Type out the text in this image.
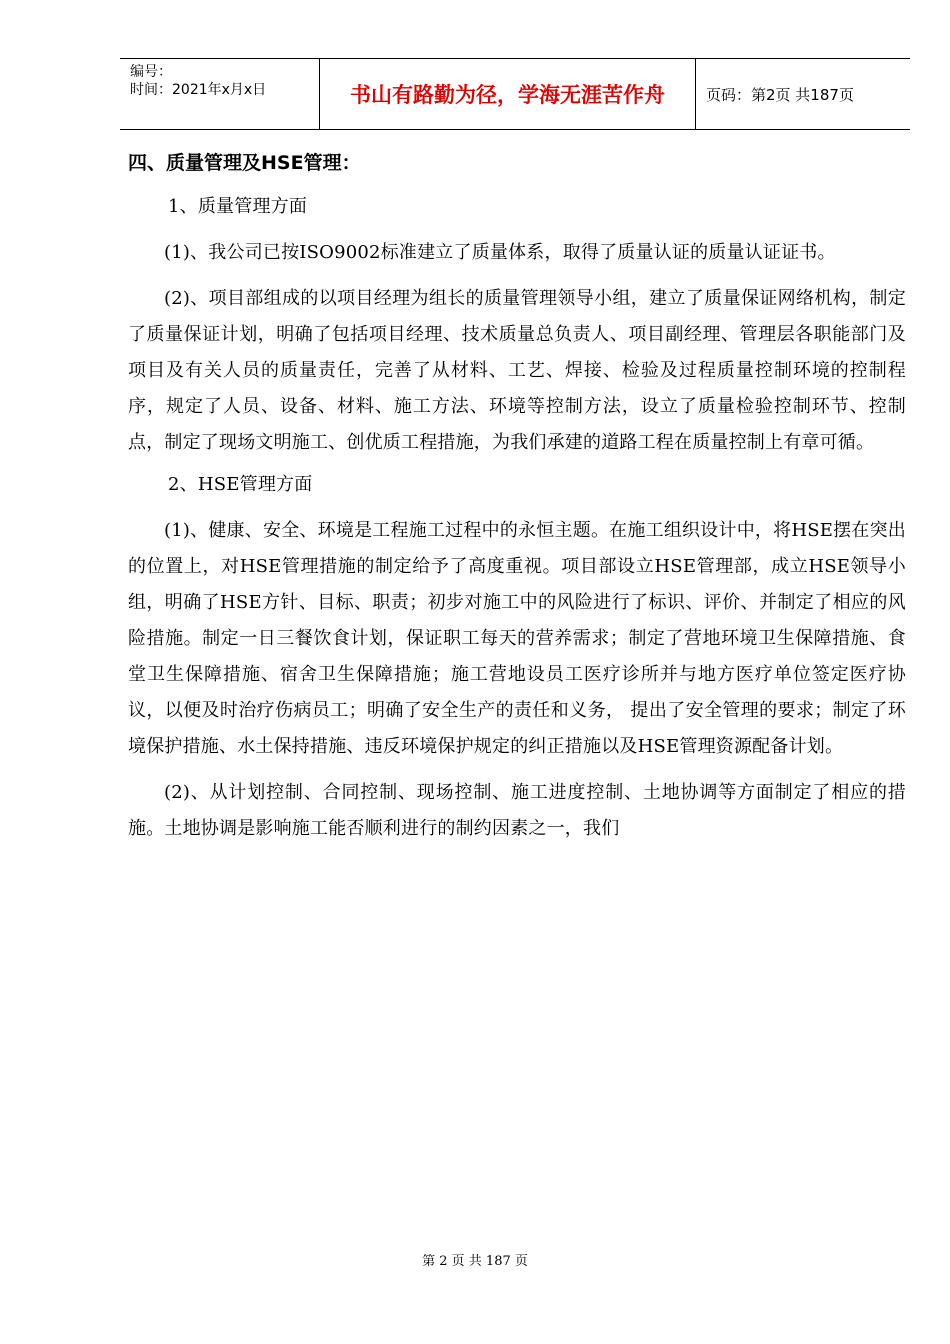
编号：
时间：2021年x月x日	书山有路勤为径，学海无涯苦作舟	页码：第2页 共187页
四、质量管理及HSE管理：

1、质量管理方面

(1)、我公司已按ISO9002标准建立了质量体系，取得了质量认证的质量认证证书。

(2)、项目部组成的以项目经理为组长的质量管理领导小组，建立了质量保证网络机构，制定了质量保证计划，明确了包括项目经理、技术质量总负责人、项目副经理、管理层各职能部门及项目及有关人员的质量责任，完善了从材料、工艺、焊接、检验及过程质量控制环境的控制程序，规定了人员、设备、材料、施工方法、环境等控制方法，设立了质量检验控制环节、控制点，制定了现场文明施工、创优质工程措施，为我们承建的道路工程在质量控制上有章可循。

2、HSE管理方面

(1)、健康、安全、环境是工程施工过程中的永恒主题。在施工组织设计中，将HSE摆在突出的位置上，对HSE管理措施的制定给予了高度重视。项目部设立HSE管理部，成立HSE领导小组，明确了HSE方针、目标、职责；初步对施工中的风险进行了标识、评价、并制定了相应的风险措施。制定一日三餐饮食计划，保证职工每天的营养需求；制定了营地环境卫生保障措施、食堂卫生保障措施、宿舍卫生保障措施；施工营地设员工医疗诊所并与地方医疗单位签定医疗协议，以便及时治疗伤病员工；明确了安全生产的责任和义务， 提出了安全管理的要求；制定了环境保护措施、水土保持措施、违反环境保护规定的纠正措施以及HSE管理资源配备计划。

(2)、从计划控制、合同控制、现场控制、施工进度控制、土地协调等方面制定了相应的措施。土地协调是影响施工能否顺利进行的制约因素之一，我们

第 2 页 共 187 页
